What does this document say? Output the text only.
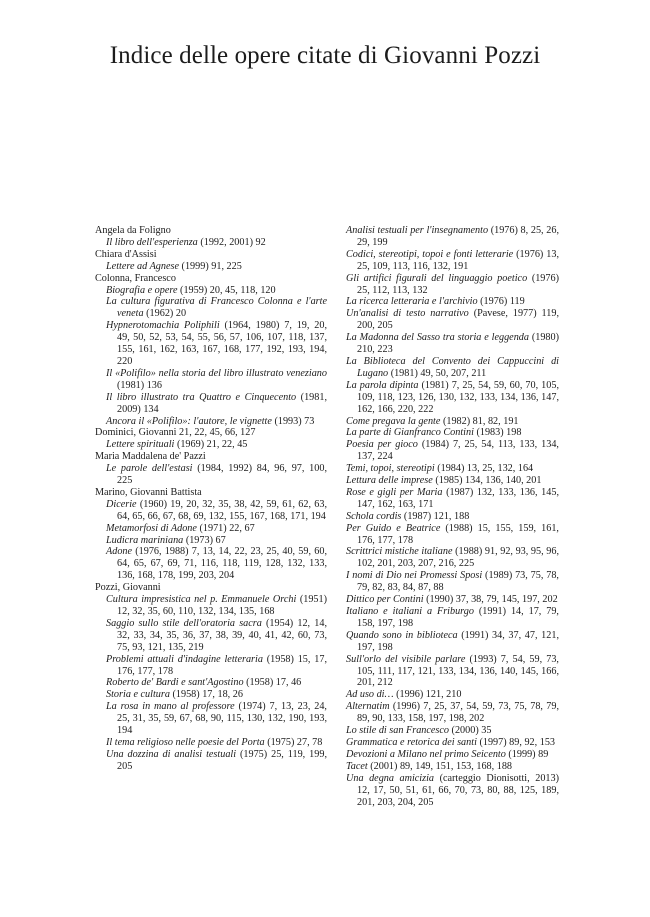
Indice delle opere citate di Giovanni Pozzi
Angela da Foligno
Il libro dell'esperienza (1992, 2001) 92
Chiara d'Assisi
Lettere ad Agnese (1999) 91, 225
Colonna, Francesco
Biografia e opere (1959) 20, 45, 118, 120
La cultura figurativa di Francesco Colonna e l'arte veneta (1962) 20
Hypnerotomachia Poliphili (1964, 1980) 7, 19, 20, 49, 50, 52, 53, 54, 55, 56, 57, 106, 107, 118, 137, 155, 161, 162, 163, 167, 168, 177, 192, 193, 194, 220
Il «Polifilo» nella storia del libro illustrato veneziano (1981) 136
Il libro illustrato tra Quattro e Cinquecento (1981, 2009) 134
Ancora il «Polifilo»: l'autore, le vignette (1993) 73
Dominici, Giovanni 21, 22, 45, 66, 127
Lettere spirituali (1969) 21, 22, 45
Maria Maddalena de' Pazzi
Le parole dell'estasi (1984, 1992) 84, 96, 97, 100, 225
Marino, Giovanni Battista
Dicerie (1960) 19, 20, 32, 35, 38, 42, 59, 61, 62, 63, 64, 65, 66, 67, 68, 69, 132, 155, 167, 168, 171, 194
Metamorfosi di Adone (1971) 22, 67
Ludicra mariniana (1973) 67
Adone (1976, 1988) 7, 13, 14, 22, 23, 25, 40, 59, 60, 64, 65, 67, 69, 71, 116, 118, 119, 128, 132, 133, 136, 168, 178, 199, 203, 204
Pozzi, Giovanni
Cultura impresistica nel p. Emmanuele Orchi (1951) 12, 32, 35, 60, 110, 132, 134, 135, 168
Saggio sullo stile dell'oratoria sacra (1954) 12, 14, 32, 33, 34, 35, 36, 37, 38, 39, 40, 41, 42, 60, 73, 75, 93, 121, 135, 219
Problemi attuali d'indagine letteraria (1958) 15, 17, 176, 177, 178
Roberto de' Bardi e sant'Agostino (1958) 17, 46
Storia e cultura (1958) 17, 18, 26
La rosa in mano al professore (1974) 7, 13, 23, 24, 25, 31, 35, 59, 67, 68, 90, 115, 130, 132, 190, 193, 194
Il tema religioso nelle poesie del Porta (1975) 27, 78
Una dozzina di analisi testuali (1975) 25, 119, 199, 205
Analisi testuali per l'insegnamento (1976) 8, 25, 26, 29, 199
Codici, stereotipi, topoi e fonti letterarie (1976) 13, 25, 109, 113, 116, 132, 191
Gli artifici figurali del linguaggio poetico (1976) 25, 112, 113, 132
La ricerca letteraria e l'archivio (1976) 119
Un'analisi di testo narrativo (Pavese, 1977) 119, 200, 205
La Madonna del Sasso tra storia e leggenda (1980) 210, 223
La Biblioteca del Convento dei Cappuccini di Lugano (1981) 49, 50, 207, 211
La parola dipinta (1981) 7, 25, 54, 59, 60, 70, 105, 109, 118, 123, 126, 130, 132, 133, 134, 136, 147, 162, 166, 220, 222
Come pregava la gente (1982) 81, 82, 191
La parte di Gianfranco Contini (1983) 198
Poesia per gioco (1984) 7, 25, 54, 113, 133, 134, 137, 224
Temi, topoi, stereotipi (1984) 13, 25, 132, 164
Lettura delle imprese (1985) 134, 136, 140, 201
Rose e gigli per Maria (1987) 132, 133, 136, 145, 147, 162, 163, 171
Schola cordis (1987) 121, 188
Per Guido e Beatrice (1988) 15, 155, 159, 161, 176, 177, 178
Scrittrici mistiche italiane (1988) 91, 92, 93, 95, 96, 102, 201, 203, 207, 216, 225
I nomi di Dio nei Promessi Sposi (1989) 73, 75, 78, 79, 82, 83, 84, 87, 88
Dittico per Contini (1990) 37, 38, 79, 145, 197, 202
Italiano e italiani a Friburgo (1991) 14, 17, 79, 158, 197, 198
Quando sono in biblioteca (1991) 34, 37, 47, 121, 197, 198
Sull'orlo del visibile parlare (1993) 7, 54, 59, 73, 105, 111, 117, 121, 133, 134, 136, 140, 145, 166, 201, 212
Ad uso di… (1996) 121, 210
Alternatim (1996) 7, 25, 37, 54, 59, 73, 75, 78, 79, 89, 90, 133, 158, 197, 198, 202
Lo stile di san Francesco (2000) 35
Grammatica e retorica dei santi (1997) 89, 92, 153
Devozioni a Milano nel primo Seicento (1999) 89
Tacet (2001) 89, 149, 151, 153, 168, 188
Una degna amicizia (carteggio Dionisotti, 2013) 12, 17, 50, 51, 61, 66, 70, 73, 80, 88, 125, 189, 201, 203, 204, 205
